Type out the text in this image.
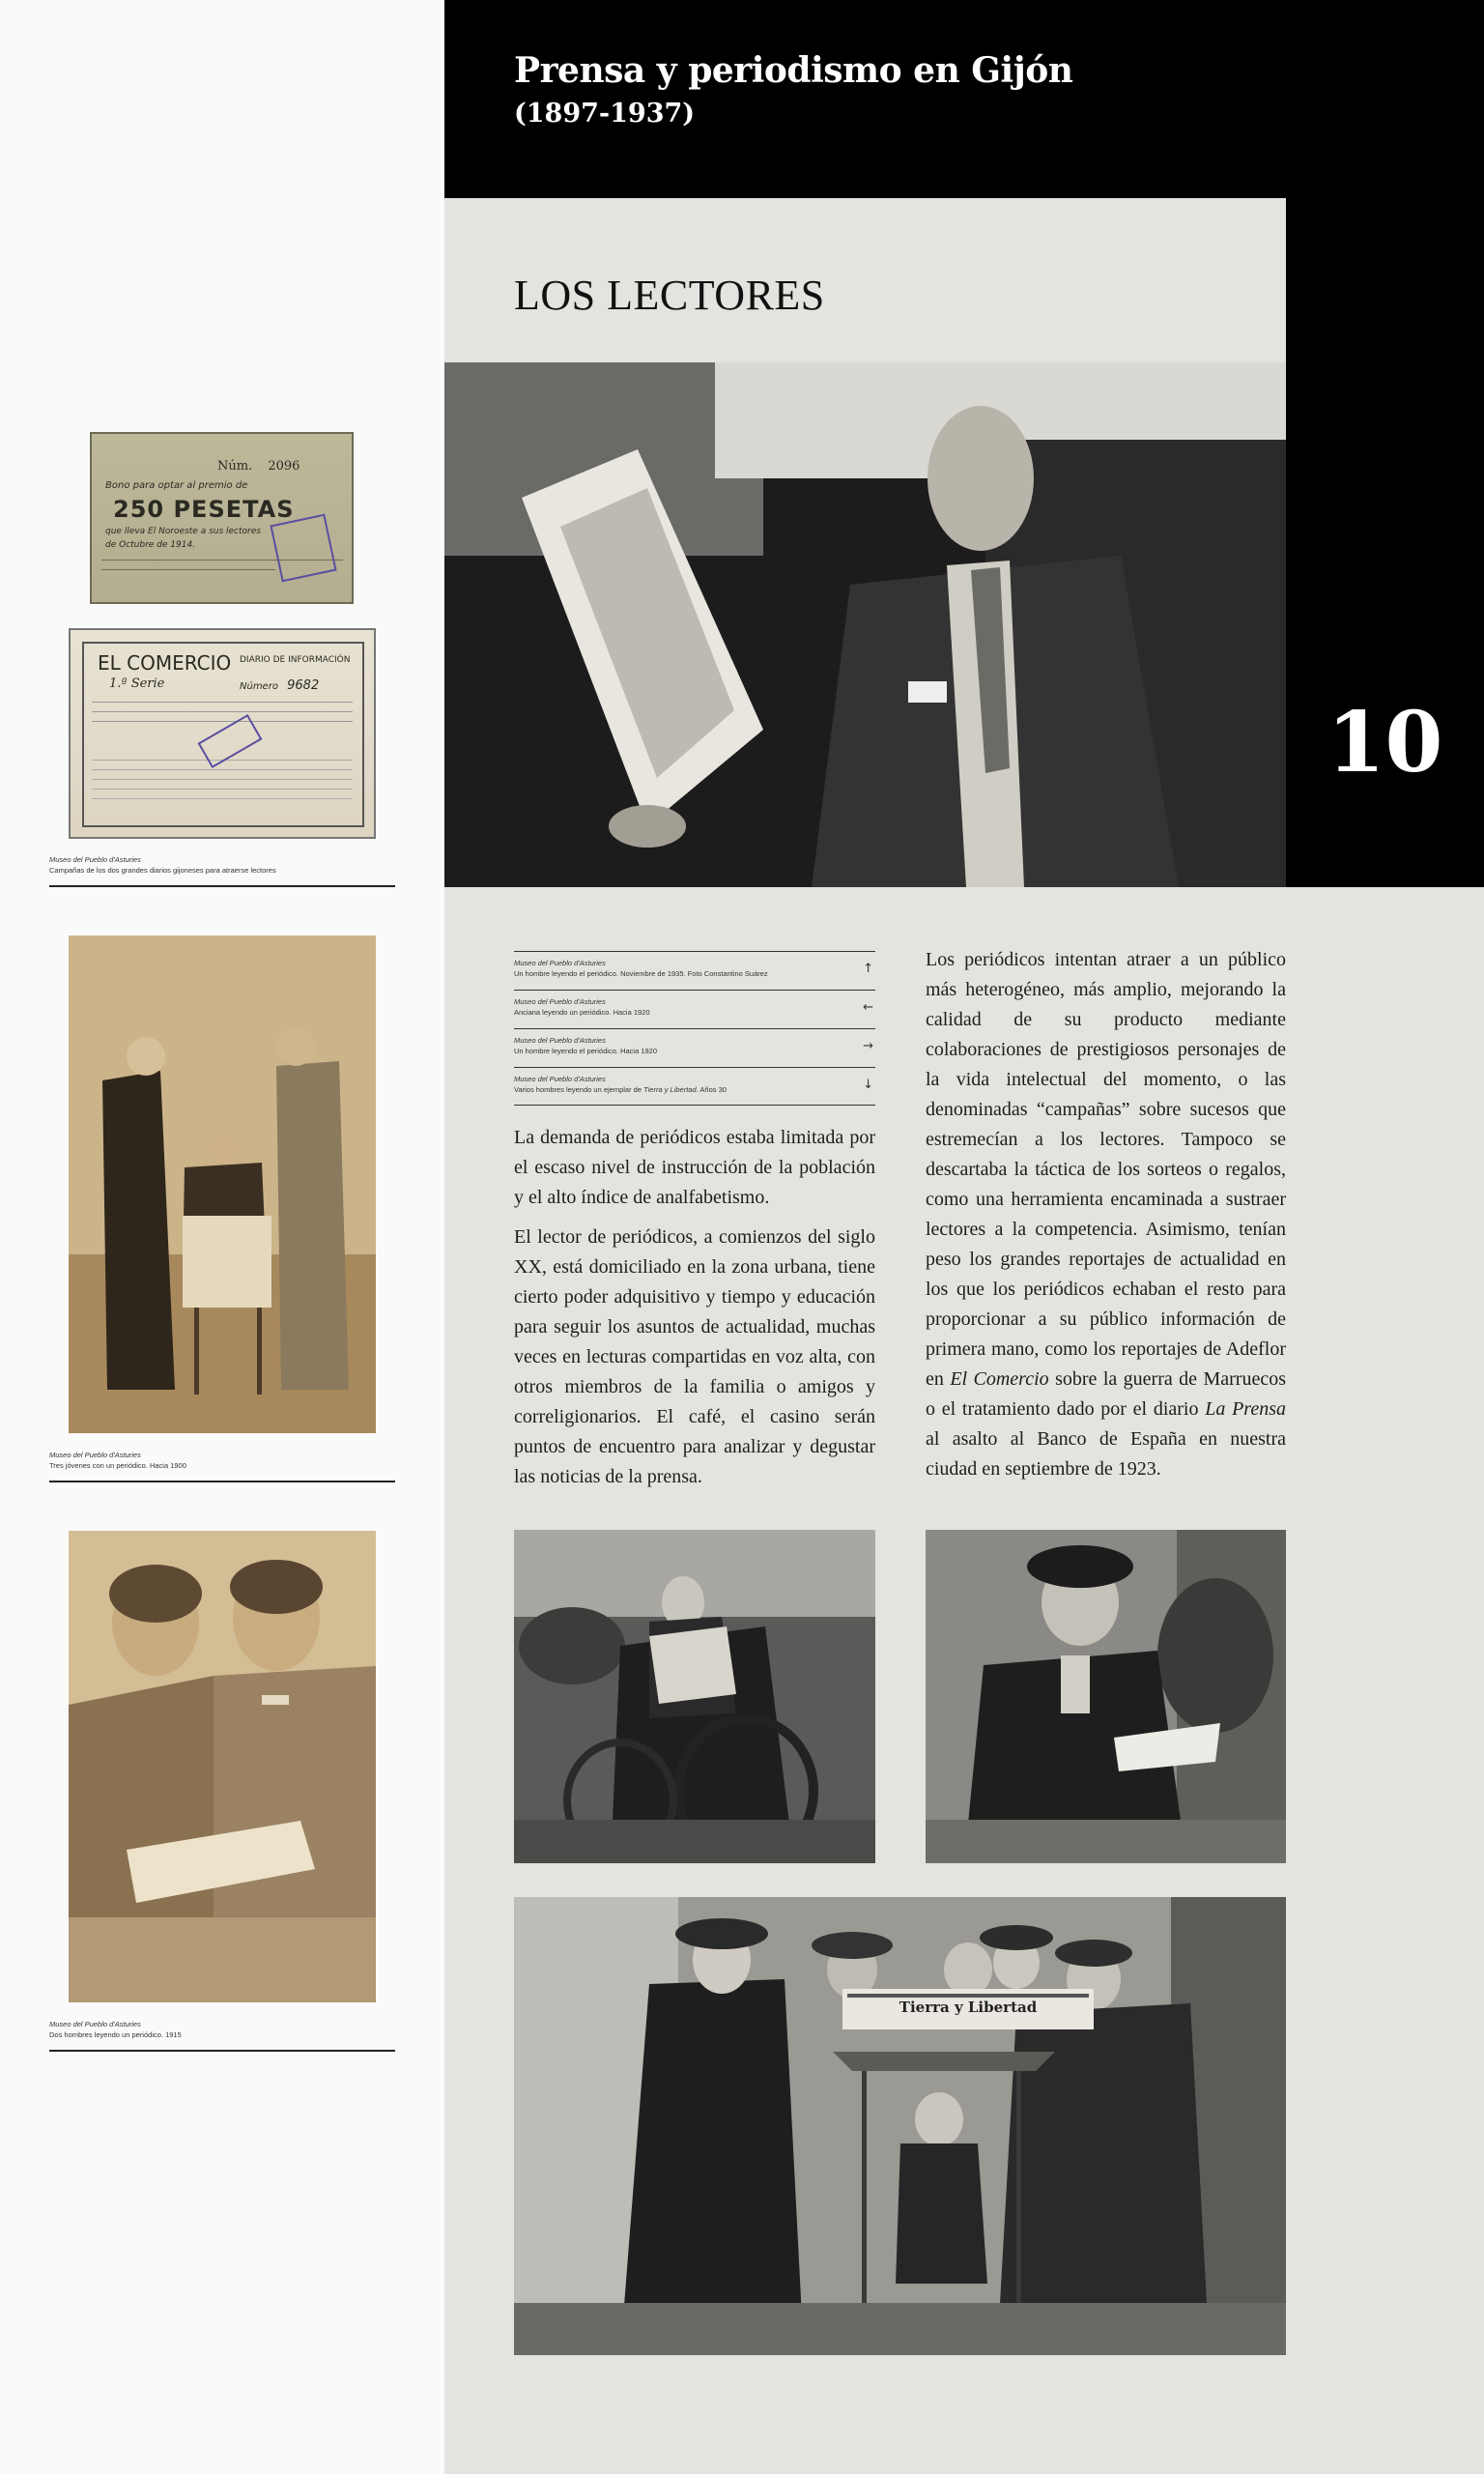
Prensa y periodismo en Gijón
(1897-1937)
10
LOS LECTORES
Núm. 2096
Bono para optar al premio de
250 PESETAS
que lleva El Noroeste a sus lectores
de Octubre de 1914.
EL COMERCIO DIARIO DE INFORMACIÓN
1.ª Serie	Número 9682
Museo del Pueblo d'Asturies
Campañas de los dos grandes diarios gijoneses para atraerse lectores
Museo del Pueblo d'Asturies
Tres jóvenes con un periódico. Hacia 1900
Museo del Pueblo d'Asturies
Dos hombres leyendo un periódico. 1915
Museo del Pueblo d'Asturies
Un hombre leyendo el periódico. Noviembre de 1935. Foto Constantino Suárez	↑
Museo del Pueblo d'Asturies
Anciana leyendo un periódico. Hacia 1920	←
Museo del Pueblo d'Asturies
Un hombre leyendo el periódico. Hacia 1920	→
Museo del Pueblo d'Asturies
Varios hombres leyendo un ejemplar de Tierra y Libertad. Años 30	↓

La demanda de periódicos estaba limitada por el escaso nivel de instrucción de la población y el alto índice de analfabetismo.

El lector de periódicos, a comienzos del siglo XX, está domiciliado en la zona urbana, tiene cierto poder adquisitivo y tiempo y educación para seguir los asuntos de actualidad, muchas veces en lecturas compartidas en voz alta, con otros miembros de la familia o amigos y correligionarios. El café, el casino serán puntos de encuentro para analizar y degustar las noticias de la prensa.

Los periódicos intentan atraer a un público más heterogéneo, más amplio, mejorando la calidad de su producto mediante colaboraciones de prestigiosos personajes de la vida intelectual del momento, o las denominadas “campañas” sobre sucesos que estremecían a los lectores. Tampoco se descartaba la táctica de los sorteos o regalos, como una herramienta encaminada a sustraer lectores a la competencia. Asimismo, tenían peso los grandes reportajes de actualidad en los que los periódicos echaban el resto para proporcionar a su público información de primera mano, como los reportajes de Adeflor en El Comercio sobre la guerra de Marruecos o el tratamiento dado por el diario La Prensa al asalto al Banco de España en nuestra ciudad en septiembre de 1923.

Tierra y Libertad
